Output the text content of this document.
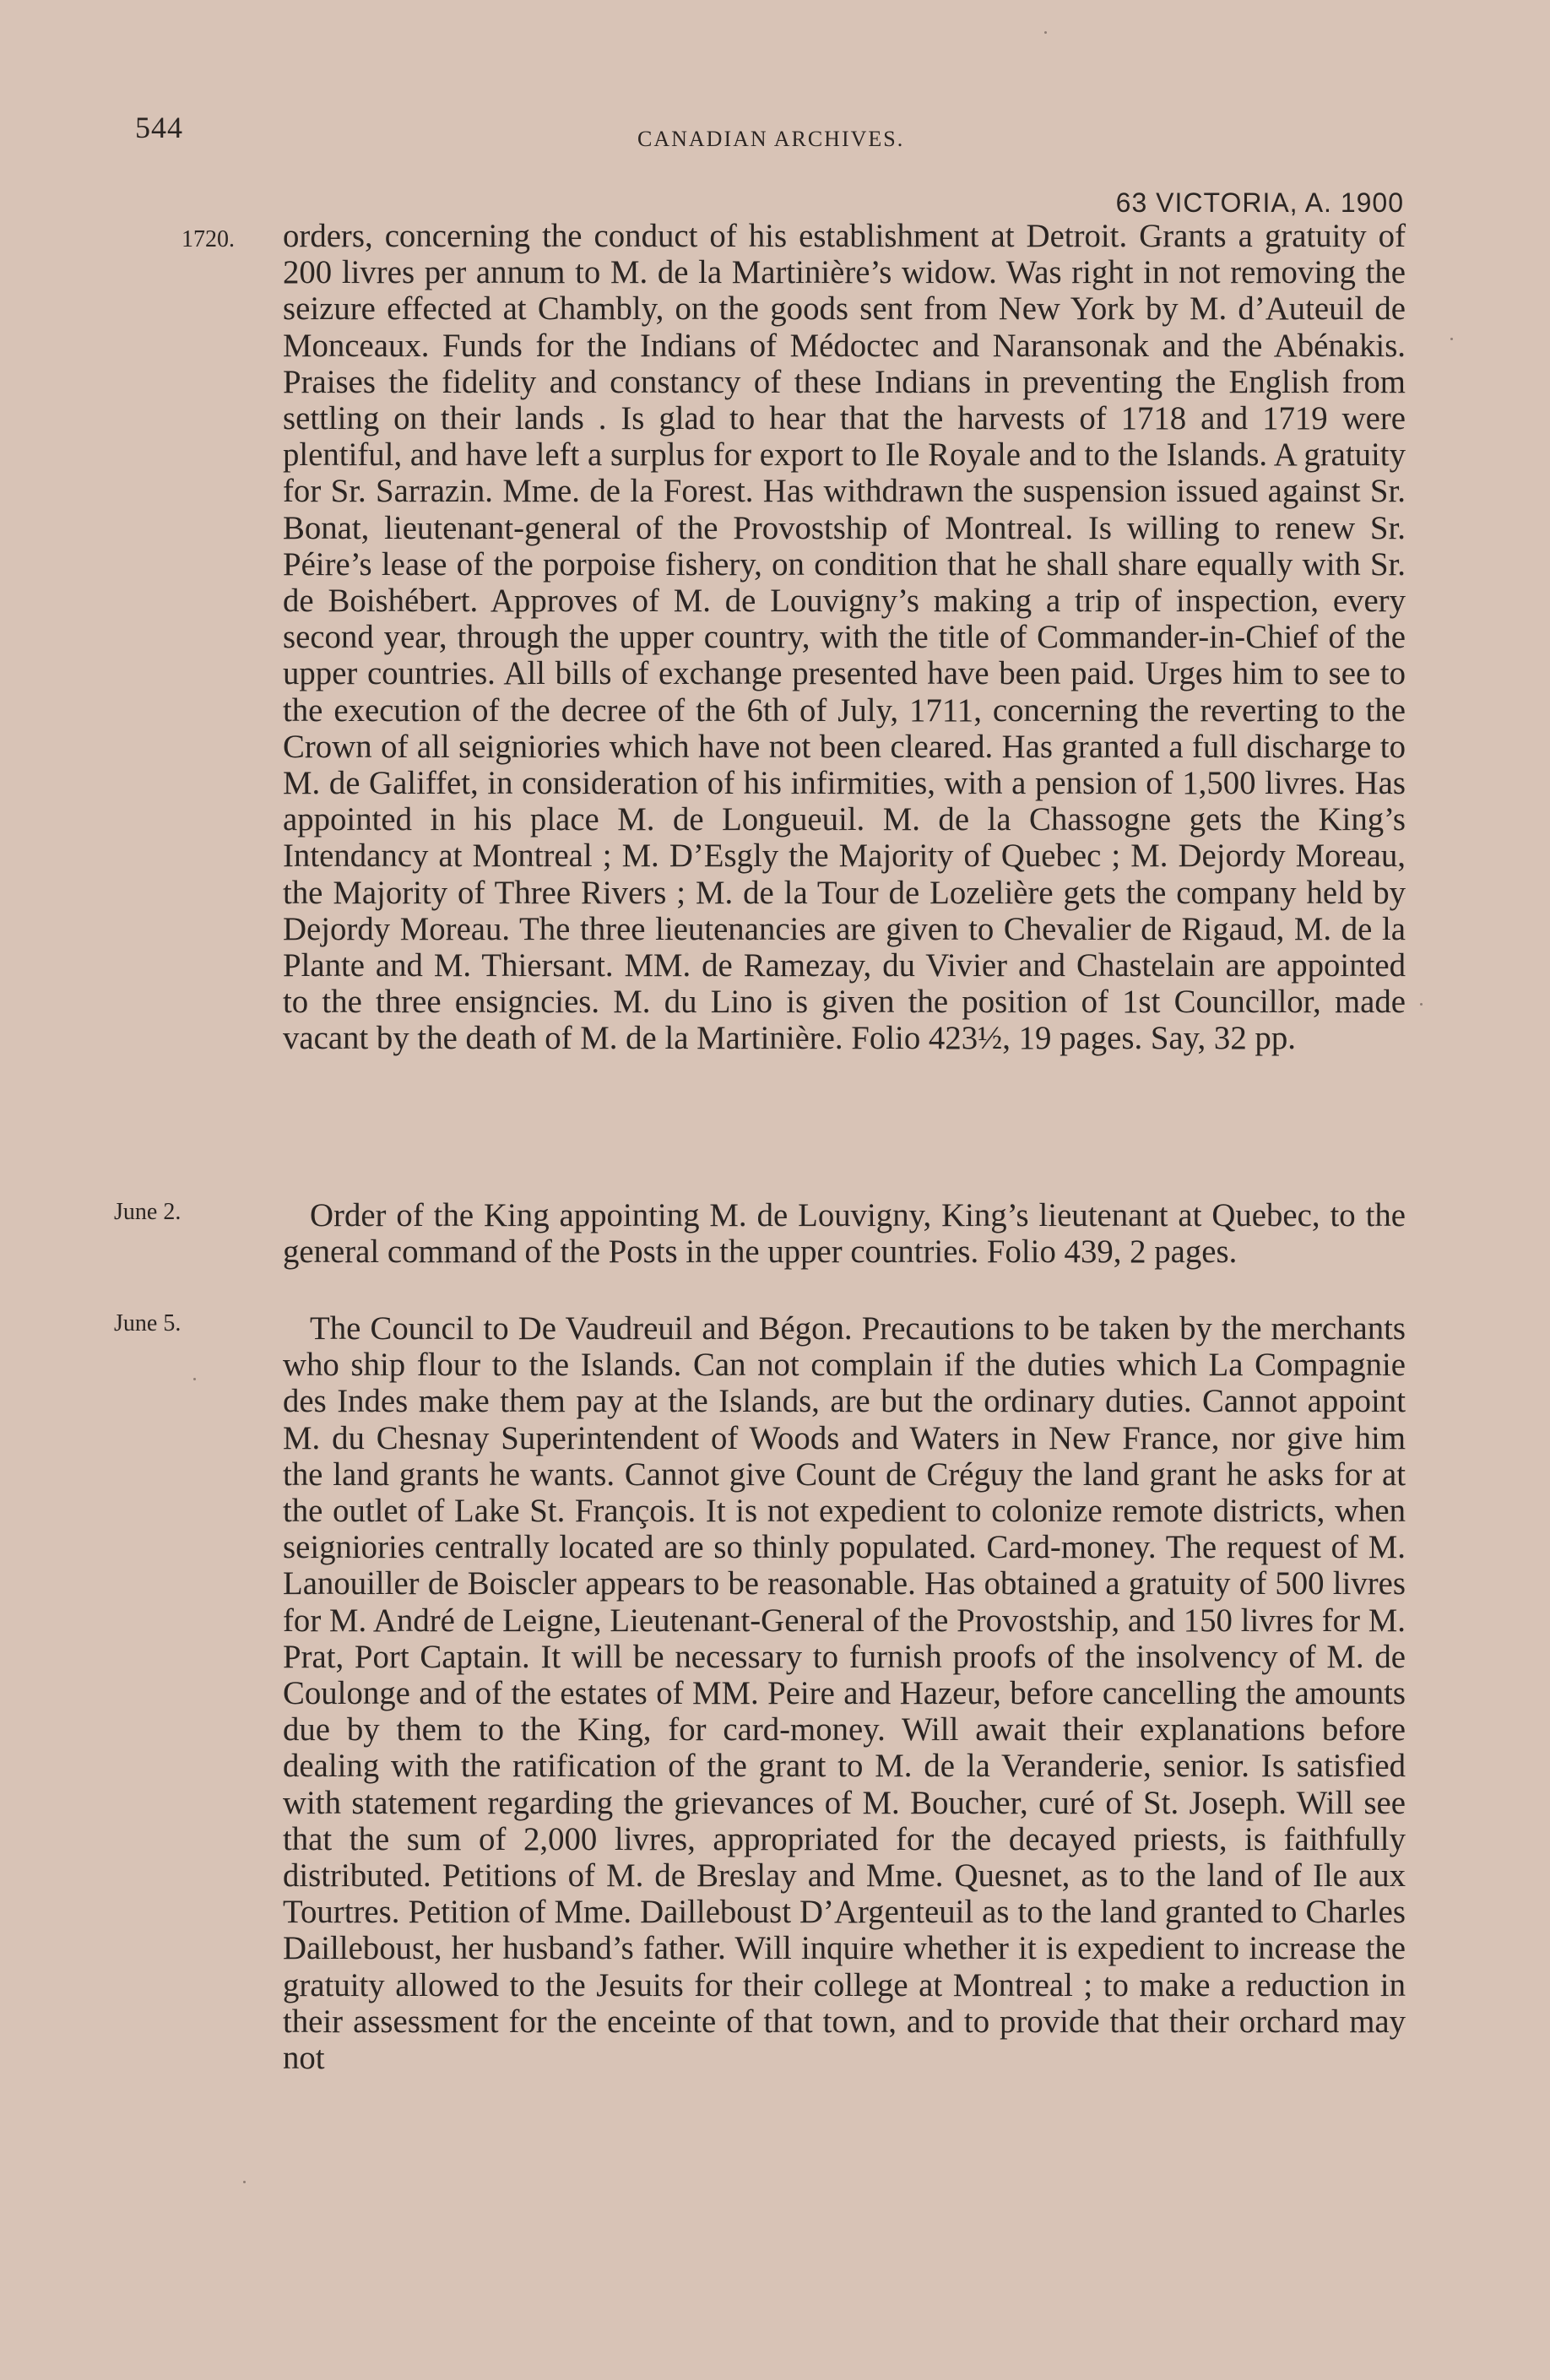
544	CANADIAN ARCHIVES.
63 VICTORIA, A. 1900
1720. orders, concerning the conduct of his establishment at Detroit. Grants a gratuity of 200 livres per annum to M. de la Martinière’s widow. Was right in not removing the seizure effected at Chambly, on the goods sent from New York by M. d’Auteuil de Monceaux. Funds for the Indians of Médoctec and Naransonak and the Abénakis. Praises the fidelity and constancy of these Indians in preventing the English from settling on their lands . Is glad to hear that the harvests of 1718 and 1719 were plentiful, and have left a surplus for export to Ile Royale and to the Islands. A gratuity for Sr. Sarrazin. Mme. de la Forest. Has withdrawn the suspension issued against Sr. Bonat, lieutenant-general of the Provostship of Montreal. Is willing to renew Sr. Péire’s lease of the porpoise fishery, on condition that he shall share equally with Sr. de Boishébert. Approves of M. de Louvigny’s making a trip of inspection, every second year, through the upper country, with the title of Commander-in-Chief of the upper countries. All bills of exchange presented have been paid. Urges him to see to the execution of the decree of the 6th of July, 1711, concerning the reverting to the Crown of all seigniories which have not been cleared. Has granted a full discharge to M. de Galiffet, in consideration of his infirmities, with a pension of 1,500 livres. Has appointed in his place M. de Longueuil. M. de la Chassogne gets the King’s Intendancy at Montreal ; M. D’Esgly the Majority of Quebec ; M. Dejordy Moreau, the Majority of Three Rivers ; M. de la Tour de Lozelière gets the company held by Dejordy Moreau. The three lieutenancies are given to Chevalier de Rigaud, M. de la Plante and M. Thiersant. MM. de Ramezay, du Vivier and Chastelain are appointed to the three ensigncies. M. du Lino is given the position of 1st Councillor, made vacant by the death of M. de la Martinière. Folio 423½, 19 pages. Say, 32 pp.

June 2.	Order of the King appointing M. de Louvigny, King’s lieutenant at Quebec, to the general command of the Posts in the upper countries. Folio 439, 2 pages.

June 5.	The Council to De Vaudreuil and Bégon. Precautions to be taken by the merchants who ship flour to the Islands. Can not complain if the duties which La Compagnie des Indes make them pay at the Islands, are but the ordinary duties. Cannot appoint M. du Chesnay Superintendent of Woods and Waters in New France, nor give him the land grants he wants. Cannot give Count de Créguy the land grant he asks for at the outlet of Lake St. François. It is not expedient to colonize remote districts, when seigniories centrally located are so thinly populated. Card-money. The request of M. Lanouiller de Boiscler appears to be reasonable. Has obtained a gratuity of 500 livres for M. André de Leigne, Lieutenant-General of the Provostship, and 150 livres for M. Prat, Port Captain. It will be necessary to furnish proofs of the insolvency of M. de Coulonge and of the estates of MM. Peire and Hazeur, before cancelling the amounts due by them to the King, for card-money. Will await their explanations before dealing with the ratification of the grant to M. de la Veranderie, senior. Is satisfied with statement regarding the grievances of M. Boucher, curé of St. Joseph. Will see that the sum of 2,000 livres, appropriated for the decayed priests, is faithfully distributed. Petitions of M. de Breslay and Mme. Quesnet, as to the land of Ile aux Tourtres. Petition of Mme. Dailleboust D’Argenteuil as to the land granted to Charles Dailleboust, her husband’s father. Will inquire whether it is expedient to increase the gratuity allowed to the Jesuits for their college at Montreal ; to make a reduction in their assessment for the enceinte of that town, and to provide that their orchard may not
